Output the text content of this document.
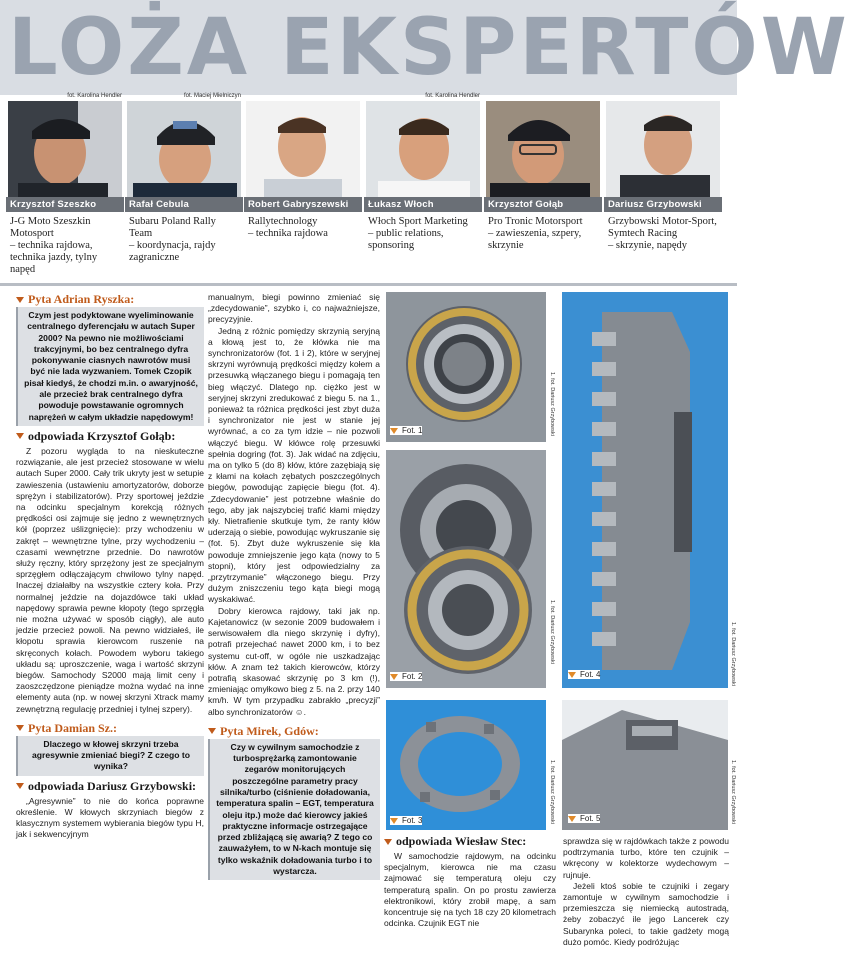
LOŻA EKSPERTÓW
fot. Karolina Hendler
Krzysztof Szeszko
J-G Moto Szeszkin Motosport
– technika rajdowa, technika jazdy, tylny napęd
fot. Maciej Mielniczyn
Rafał Cebula
Subaru Poland Rally Team
– koordynacja, rajdy zagraniczne
Robert Gabryszewski
Rallytechnology
– technika rajdowa
fot. Karolina Hendler
Łukasz Włoch
Włoch Sport Marketing
– public relations, sponsoring
Krzysztof Gołąb
Pro Tronic Motorsport
– zawieszenia, szpery, skrzynie
Dariusz Grzybowski
Grzybowski Motor-Sport, Symtech Racing
– skrzynie, napędy
Pyta Adrian Ryszka:
Czym jest podyktowane wyeliminowanie centralnego dyferencjału w autach Super 2000? Na pewno nie możliwościami trakcyjnymi, bo bez centralnego dyfra pokonywanie ciasnych nawrotów musi być nie lada wyzwaniem. Tomek Czopik pisał kiedyś, że chodzi m.in. o awaryjność, ale przecież brak centralnego dyfra powoduje powstawanie ogromnych naprężeń w całym układzie napędowym!
odpowiada Krzysztof Gołąb:

Z pozoru wygląda to na nieskuteczne rozwiązanie, ale jest przecież stosowane w wielu autach Super 2000. Cały trik ukryty jest w setupie zawieszenia (ustawieniu amortyzatorów, doborze sprężyn i stabilizatorów). Przy sportowej jeździe na odcinku specjalnym korekcją różnych prędkości osi zajmuje się jedno z wewnętrznych kół (poprzez uślizgnięcie): przy wchodzeniu w zakręt – wewnętrzne tylne, przy wychodzeniu – czasami wewnętrzne przednie. Do nawrotów służy ręczny, który sprzężony jest ze specjalnym sprzęgłem odłączającym chwilowo tylny napęd. Inaczej działałby na wszystkie cztery koła. Przy normalnej jeździe na dojazdówce taki układ napędowy sprawia pewne kłopoty (tego sprzęgła nie można używać w sposób ciągły), ale auto jedzie przecież powoli. Na pewno widziałeś, ile kłopotu sprawia kierowcom ruszenie na skręconych kołach. Powodem wyboru takiego układu są: uproszczenie, waga i wartość skrzyni biegów. Samochody S2000 mają limit ceny i zaoszczędzone pieniądze można wydać na inne elementy auta (np. w nowej skrzyni Xtrack mamy zewnętrzną regulację przedniej i tylnej szpery).

Pyta Damian Sz.:
Dlaczego w kłowej skrzyni trzeba agresywnie zmieniać biegi? Z czego to wynika?
odpowiada Dariusz Grzybowski:

„Agresywnie” to nie do końca poprawne określenie. W kłowych skrzyniach biegów z klasycznym systemem wybierania biegów typu H, jak i sekwencyjnym

manualnym, biegi powinno zmieniać się „zdecydowanie”, szybko i, co najważniejsze, precyzyjnie.

Jedną z różnic pomiędzy skrzynią seryjną a kłową jest to, że kłówka nie ma synchronizatorów (fot. 1 i 2), które w seryjnej skrzyni wyrównują prędkości między kołem a przesuwką włączanego biegu i pomagają ten bieg włączyć. Dlatego np. ciężko jest w seryjnej skrzyni zredukować z biegu 5. na 1., ponieważ ta różnica prędkości jest zbyt duża i synchronizator nie jest w stanie jej wyrównać, a co za tym idzie – nie pozwoli włączyć biegu. W kłówce rolę przesuwki spełnia dogring (fot. 3). Jak widać na zdjęciu, ma on tylko 5 (do 8) kłów, które zazębiają się z kłami na kołach zębatych poszczególnych biegów, powodując zapięcie biegu (fot. 4). „Zdecydowanie” jest potrzebne właśnie do tego, aby jak najszybciej trafić kłami między kły. Nietrafienie skutkuje tym, że ranty kłów uderzają o siebie, powodując wykruszanie się (fot. 5). Zbyt duże wykruszenie się kła powoduje zmniejszenie jego kąta (nowy to 5 stopni), który jest odpowiedzialny za „przytrzymanie” włączonego biegu. Przy dużym zniszczeniu tego kąta biegi mogą wyskakiwać.

Dobry kierowca rajdowy, taki jak np. Kajetanowicz (w sezonie 2009 budowałem i serwisowałem dla niego skrzynię i dyfry), potrafi przejechać nawet 2000 km, i to bez systemu cut-off, w ogóle nie uszkadzając kłów. A znam też takich kierowców, którzy potrafią skasować skrzynię po 3 km (!), zmieniając omyłkowo bieg z 5. na 2. przy 140 km/h. W tym przypadku zabrakło „precyzji” albo synchronizatorów ☺.

Pyta Mirek, Gdów:
Czy w cywilnym samochodzie z turbosprężarką zamontowanie zegarów monitorujących poszczególne parametry pracy silnika/turbo (ciśnienie doładowania, temperatura spalin – EGT, temperatura oleju itp.) może dać kierowcy jakieś praktyczne informacje ostrzegające przed zbliżającą się awarią? Z tego co zauważyłem, to w N-kach montuje się tylko wskaźnik doładowania turbo i to wystarcza.
Fot. 1	1. fot. Dariusz Grzybowski
Fot. 2
1. fot. Dariusz Grzybowski
Fot. 3	1. fot. Dariusz Grzybowski
Fot. 4	1. fot. Dariusz Grzybowski
Fot. 5	1. fot. Dariusz Grzybowski
odpowiada Wiesław Stec:

W samochodzie rajdowym, na odcinku specjalnym, kierowca nie ma czasu zajmować się temperaturą oleju czy temperaturą spalin. On po prostu zawierza elektronikowi, który zrobił mapę, a sam koncentruje się na tych 18 czy 20 kilometrach odcinka. Czujnik EGT nie

sprawdza się w rajdówkach także z powodu podtrzymania turbo, które ten czujnik – wkręcony w kolektorze wydechowym – rujnuje.

Jeżeli ktoś sobie te czujniki i zegary zamontuje w cywilnym samochodzie i przemieszcza się niemiecką autostradą, żeby zobaczyć ile jego Lancerek czy Subarynka poleci, to takie gadżety mogą dużo pomóc. Kiedy podróżując
